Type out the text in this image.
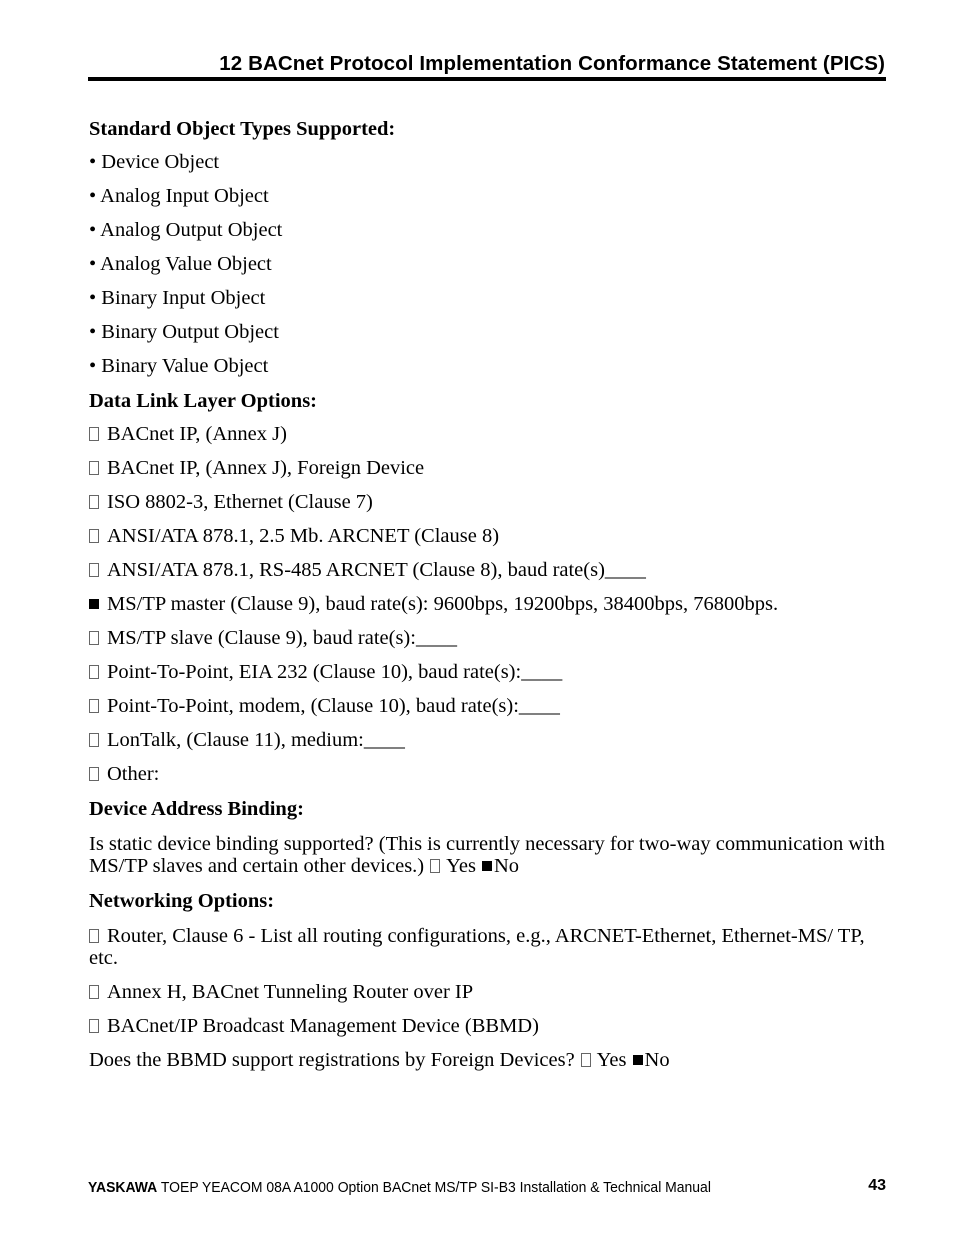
12 BACnet Protocol Implementation Conformance Statement (PICS)
Standard Object Types Supported:
• Device Object
• Analog Input Object
• Analog Output Object
• Analog Value Object
• Binary Input Object
• Binary Output Object
• Binary Value Object
Data Link Layer Options:
BACnet IP, (Annex J)
BACnet IP, (Annex J), Foreign Device
ISO 8802-3, Ethernet (Clause 7)
ANSI/ATA 878.1, 2.5 Mb. ARCNET (Clause 8)
ANSI/ATA 878.1, RS-485 ARCNET (Clause 8), baud rate(s)____
MS/TP master (Clause 9), baud rate(s): 9600bps, 19200bps, 38400bps, 76800bps.
MS/TP slave (Clause 9), baud rate(s):____
Point-To-Point, EIA 232 (Clause 10), baud rate(s):____
Point-To-Point, modem, (Clause 10), baud rate(s):____
LonTalk, (Clause 11), medium:____
Other:
Device Address Binding:
Is static device binding supported? (This is currently necessary for two-way communication with MS/TP slaves and certain other devices.) Yes No
Networking Options:
Router, Clause 6 - List all routing configurations, e.g., ARCNET-Ethernet, Ethernet-MS/ TP, etc.
Annex H, BACnet Tunneling Router over IP
BACnet/IP Broadcast Management Device (BBMD)
Does the BBMD support registrations by Foreign Devices? Yes No
YASKAWA TOEP YEACOM 08A A1000 Option BACnet MS/TP SI-B3 Installation & Technical Manual	43
